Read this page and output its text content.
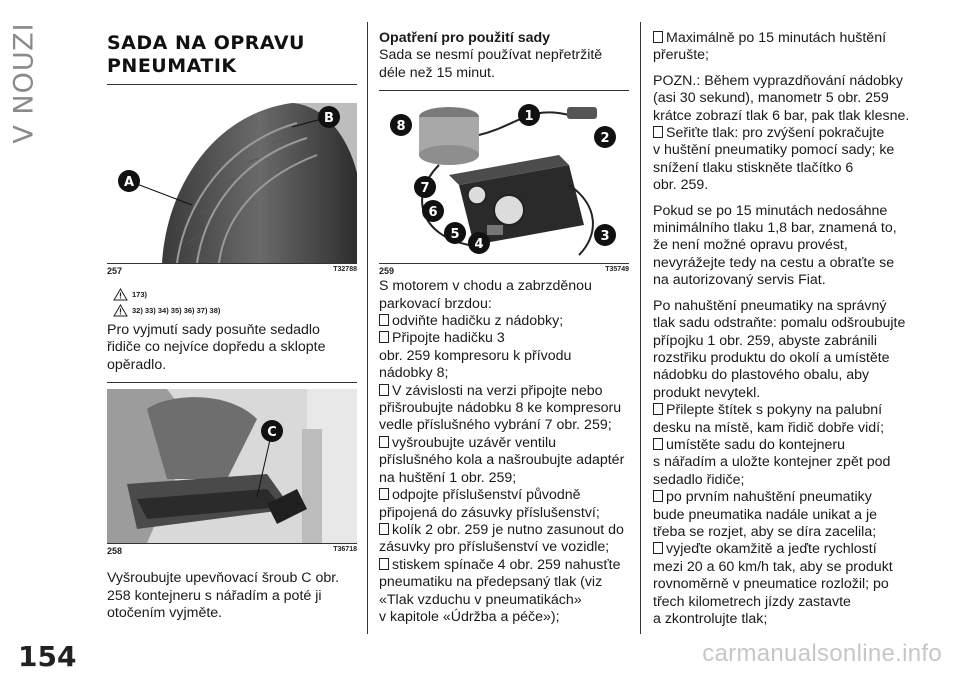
V NOUZI	SADA NA OPRAVU
PNEUMATIK
A
B
257	T32788
173)
32) 33) 34) 35) 36) 37) 38)

Pro vyjmutí sady posuňte sedadlo řidiče co nejvíce dopředu a sklopte opěradlo.

C
258	T36718

Vyšroubujte upevňovací šroub C obr. 258 kontejneru s nářadím a poté ji otočením vyjměte.

Opatření pro použití sady

Sada se nesmí používat nepřetržitě déle než 15 minut.

8
1
2
7
6
5
4
3
259	T35749

S motorem v chodu a zabrzděnou parkovací brzdou:

odviňte hadičku z nádobky;

Připojte hadičku 3

obr. 259 kompresoru k přívodu

nádobky 8;

V závislosti na verzi připojte nebo

přišroubujte nádobku 8 ke kompresoru

vedle příslušného vybrání 7 obr. 259;

vyšroubujte uzávěr ventilu

příslušného kola a našroubujte adaptér

na huštění 1 obr. 259;

odpojte příslušenství původně

připojená do zásuvky příslušenství;

kolík 2 obr. 259 je nutno zasunout do

zásuvky pro příslušenství ve vozidle;

stiskem spínače 4 obr. 259 nahusťte

pneumatiku na předepsaný tlak (viz

«Tlak vzduchu v pneumatikách»

v kapitole «Údržba a péče»);

Maximálně po 15 minutách huštění

přerušte;

POZN.: Během vyprazdňování nádobky (asi 30 sekund), manometr 5 obr. 259 krátce zobrazí tlak 6 bar, pak tlak klesne.

Seřiťte tlak: pro zvýšení pokračujte

v huštění pneumatiky pomocí sady; ke

snížení tlaku stiskněte tlačítko 6

obr. 259.

Pokud se po 15 minutách nedosáhne minimálního tlaku 1,8 bar, znamená to, že není možné opravu provést, nevyrážejte tedy na cestu a obraťte se na autorizovaný servis Fiat.

Po nahuštění pneumatiky na správný tlak sadu odstraňte: pomalu odšroubujte přípojku 1 obr. 259, abyste zabránili rozstřiku produktu do okolí a umístěte nádobku do plastového obalu, aby produkt nevytekl.

Přilepte štítek s pokyny na palubní

desku na místě, kam řidič dobře vidí;

umístěte sadu do kontejneru

s nářadím a uložte kontejner zpět pod

sedadlo řidiče;

po prvním nahuštění pneumatiky

bude pneumatika nadále unikat a je

třeba se rozjet, aby se díra zacelila;

vyjeďte okamžitě a jeďte rychlostí

mezi 20 a 60 km/h tak, aby se produkt

rovnoměrně v pneumatice rozložil; po

třech kilometrech jízdy zastavte

a zkontrolujte tlak;

154	carmanualsonline.info
